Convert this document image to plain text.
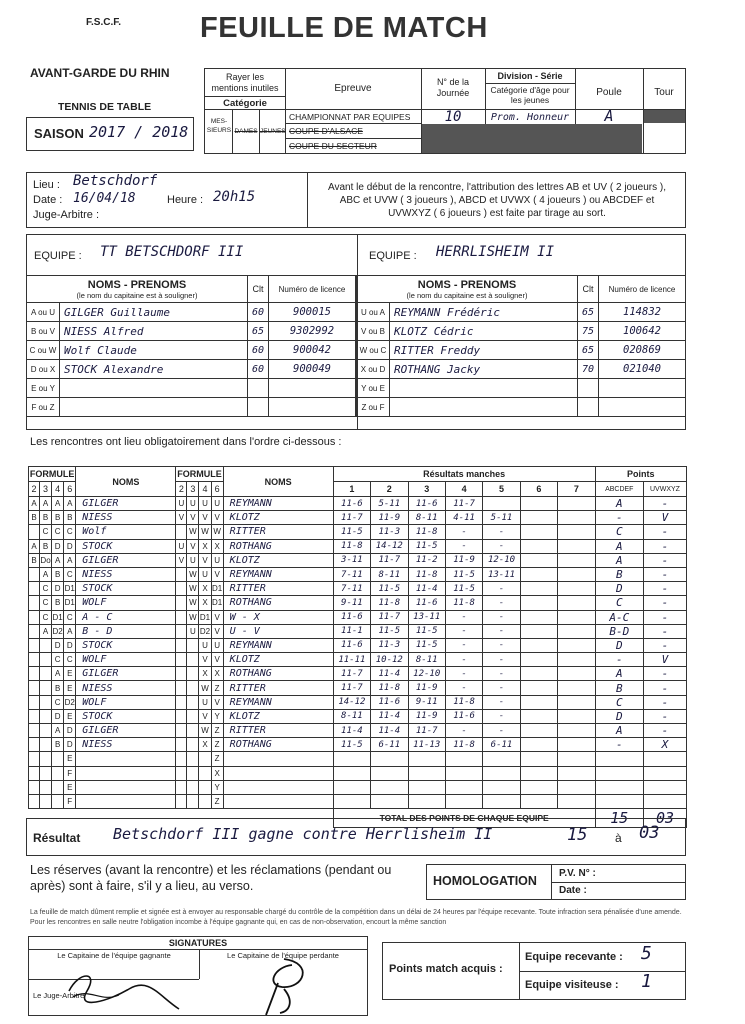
F.S.C.F.	FEUILLE DE MATCH
AVANT-GARDE DU RHIN
TENNIS DE TABLE
SAISON 2017 / 2018
Rayer les mentions inutiles
Catégorie
MES-SIEURS DAMES JEUNES
Epreuve
CHAMPIONNAT PAR EQUIPES
COUPE D'ALSACE
COUPE DU SECTEUR
N° de la Journée
10
Division - Série
Catégorie d'âge pour les jeunes
Prom. Honneur
Poule
A
Tour
Lieu : Betschdorf
Date : 16/04/18	Heure : 20h15
Juge-Arbitre :
Avant le début de la rencontre, l'attribution des lettres AB et UV ( 2 joueurs ), ABC et UVW ( 3 joueurs ), ABCD et UVWX ( 4 joueurs ) ou ABCDEF et UVWXYZ ( 6 joueurs ) est faite par tirage au sort.
EQUIPE : TT BETSCHDORF III	EQUIPE : HERRLISHEIM II
NOMS - PRENOMS
(le nom du capitaine est à souligner)		Clt	Numéro de licence
A ou U	GILGER Guillaume	60	900015
B ou V	NIESS Alfred	65	9302992
C ou W	Wolf Claude	60	900042
D ou X	STOCK Alexandre	60	900049
E ou Y			
F ou Z			
NOMS - PRENOMS
(le nom du capitaine est à souligner)		Clt	Numéro de licence
U ou A	REYMANN Frédéric	65	114832
V ou B	KLOTZ Cédric	75	100642
W ou C	RITTER Freddy	65	020869
X ou D	ROTHANG Jacky	70	021040
Y ou E			
Z ou F			
Les rencontres ont lieu obligatoirement dans l'ordre ci-dessous :
FORMULE				NOMS	FORMULE				NOMS	Résultats manches							Points	
2	3	4	6		2	3	4	6		1	2	3	4	5	6	7	ABCDEF	UVWXYZ
A	A	A	A	GILGER	U	U	U	U	REYMANN	11-6	5-11	11-6	11-7				A	-
B	B	B	B	NIESS	V	V	V	V	KLOTZ	11-7	11-9	8-11	4-11	5-11			-	V
	C	C	C	Wolf		W	W	W	RITTER	11-5	11-3	11-8	-	-			C	-
A	B	D	D	STOCK	U	V	X	X	ROTHANG	11-8	14-12	11-5	-	-			A	-
B	Do	A	A	GILGER	V	U	V	U	KLOTZ	3-11	11-7	11-2	11-9	12-10			A	-
	A	B	C	NIESS		W	U	V	REYMANN	7-11	8-11	11-8	11-5	13-11			B	-
	C	D	D1	STOCK		W	X	D1	RITTER	7-11	11-5	11-4	11-5	-			D	-
	C	B	D1	WOLF		W	X	D1	ROTHANG	9-11	11-8	11-6	11-8	-			C	-
	C	D1	C	A - C		W	D1	V	W - X	11-6	11-7	13-11	-	-			A-C	-
	A	D2	A	B - D		U	D2	V	U - V	11-1	11-5	11-5	-	-			B-D	-
		D	D	STOCK			U	U	REYMANN	11-6	11-3	11-5	-	-			D	-
		C	C	WOLF			V	V	KLOTZ	11-11	10-12	8-11	-	-			-	V
		A	E	GILGER			X	X	ROTHANG	11-7	11-4	12-10	-	-			A	-
		B	E	NIESS			W	Z	RITTER	11-7	11-8	11-9	-	-			B	-
		C	D2	WOLF			U	V	REYMANN	14-12	11-6	9-11	11-8	-			C	-
		D	E	STOCK			V	Y	KLOTZ	8-11	11-4	11-9	11-6	-			D	-
		A	D	GILGER			W	Z	RITTER	11-4	11-4	11-7	-	-			A	-
		B	D	NIESS			X	Z	ROTHANG	11-5	6-11	11-13	11-8	6-11			-	X
			E					Z										
			F					X										
			E					Y										
			F					Z										
										TOTAL DES POINTS DE CHAQUE EQUIPE							15	03
Résultat Betschdorf III gagne contre Herrlisheim II	15 à 03
Les réserves (avant la rencontre) et les réclamations (pendant ou après) sont à faire, s'il y a lieu, au verso.	HOMOLOGATION
P.V. N° :
Date :
La feuille de match dûment remplie et signée est à envoyer au responsable chargé du contrôle de la compétition dans un délai de 24 heures par l'équipe recevante. Toute infraction sera pénalisée d'une amende. Pour les rencontres en salle neutre l'obligation incombe à l'équipe gagnante qui, en cas de non-observation, encourt la même sanction
SIGNATURES
Le Capitaine de l'équipe gagnante	Le Capitaine de l'équipe perdante
Le Juge-Arbitre
Points match acquis :
Equipe recevante : 5
Equipe visiteuse : 1
